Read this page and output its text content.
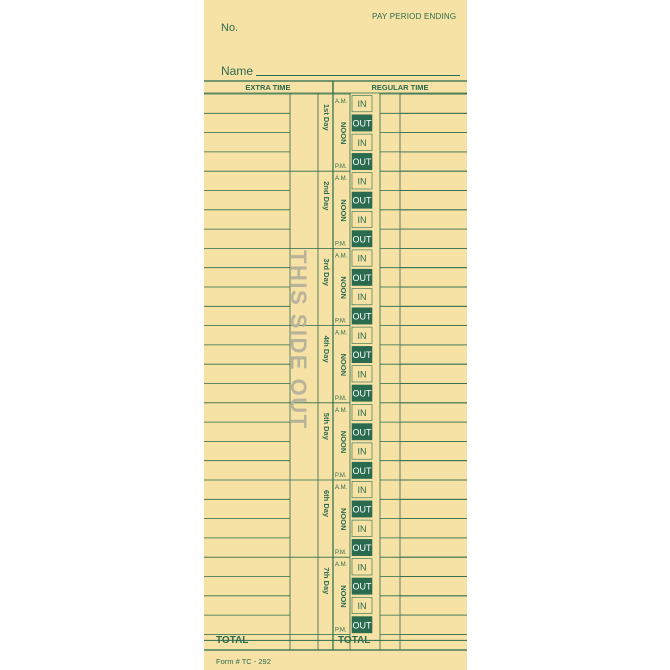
No.
PAY PERIOD ENDING
Name
EXTRA TIME	REGULAR TIME
1st Day
A.M.
NOON
P.M.
IN
OUT
IN
OUT
2nd Day
A.M.
NOON
P.M.
IN
OUT
IN
OUT
3rd Day
A.M.
NOON
P.M.
IN
OUT
IN
OUT
4th Day
A.M.
NOON
P.M.
IN
OUT
IN
OUT
5th Day
A.M.
NOON
P.M.
IN
OUT
IN
OUT
6th Day
A.M.
NOON
P.M.
IN
OUT
IN
OUT
7th Day
A.M.
NOON
P.M.
IN
OUT
IN
OUT
THIS SIDE OUT
TOTAL	TOTAL
Form # TC - 292
